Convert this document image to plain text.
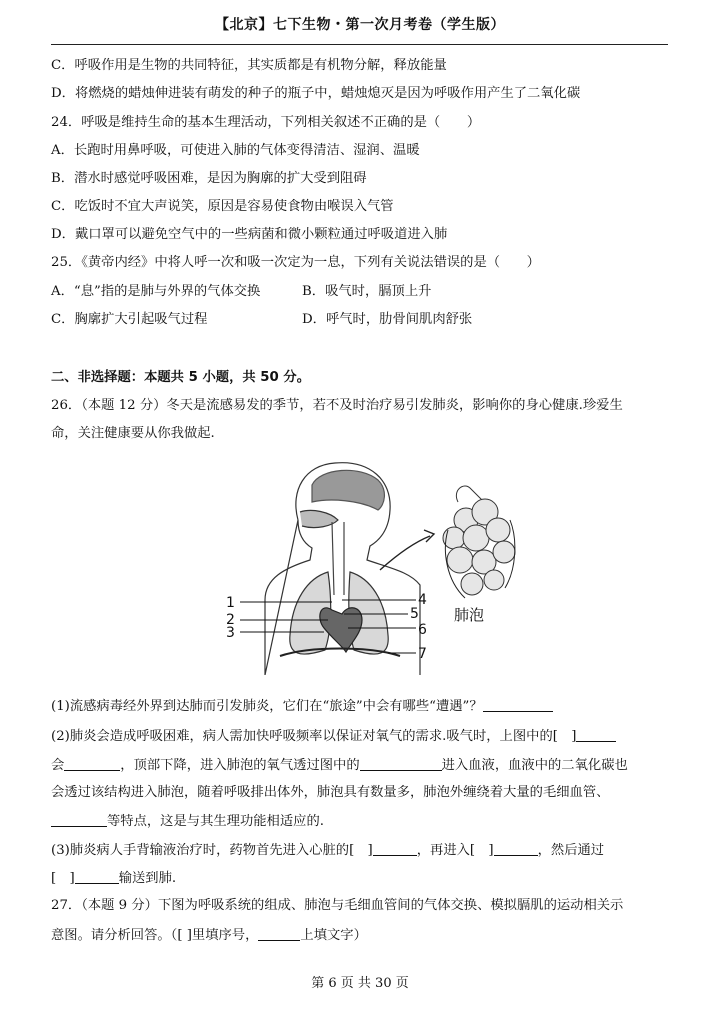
【北京】七下生物・第一次月考卷（学生版）
C．呼吸作用是生物的共同特征，其实质都是有机物分解，释放能量
D．将燃烧的蜡烛伸进装有萌发的种子的瓶子中，蜡烛熄灭是因为呼吸作用产生了二氧化碳
24．呼吸是维持生命的基本生理活动，下列相关叙述不正确的是（　　）
A．长跑时用鼻呼吸，可使进入肺的气体变得清洁、湿润、温暖
B．潜水时感觉呼吸困难，是因为胸廓的扩大受到阻碍
C．吃饭时不宜大声说笑，原因是容易使食物由喉误入气管
D．戴口罩可以避免空气中的一些病菌和微小颗粒通过呼吸道进入肺
25．《黄帝内经》中将人呼一次和吸一次定为一息，下列有关说法错误的是（　　）
A．“息”指的是肺与外界的气体交换	B．吸气时，膈顶上升
C．胸廓扩大引起吸气过程	D．呼气时，肋骨间肌肉舒张
二、非选择题：本题共 5 小题，共 50 分。
26．（本题 12 分）冬天是流感易发的季节，若不及时治疗易引发肺炎，影响你的身心健康.珍爱生
命，关注健康要从你我做起.
肺泡
1
2
3
4
5
6
7
(1)流感病毒经外界到达肺而引发肺炎，它们在“旅途”中会有哪些“遭遇”？
(2)肺炎会造成呼吸困难，病人需加快呼吸频率以保证对氧气的需求.吸气时，上图中的[　]
会	，顶部下降，进入肺泡的氧气透过图中的	进入血液，血液中的二氧化碳也
会透过该结构进入肺泡，随着呼吸排出体外，肺泡具有数量多，肺泡外缠绕着大量的毛细血管、
等特点，这是与其生理功能相适应的.
(3)肺炎病人手背输液治疗时，药物首先进入心脏的[　]	，再进入[　]	，然后通过
[　]	输送到肺.
27．（本题 9 分）下图为呼吸系统的组成、肺泡与毛细血管间的气体交换、模拟膈肌的运动相关示
意图。请分析回答。（[ ]里填序号，	上填文字）
第 6 页 共 30 页
